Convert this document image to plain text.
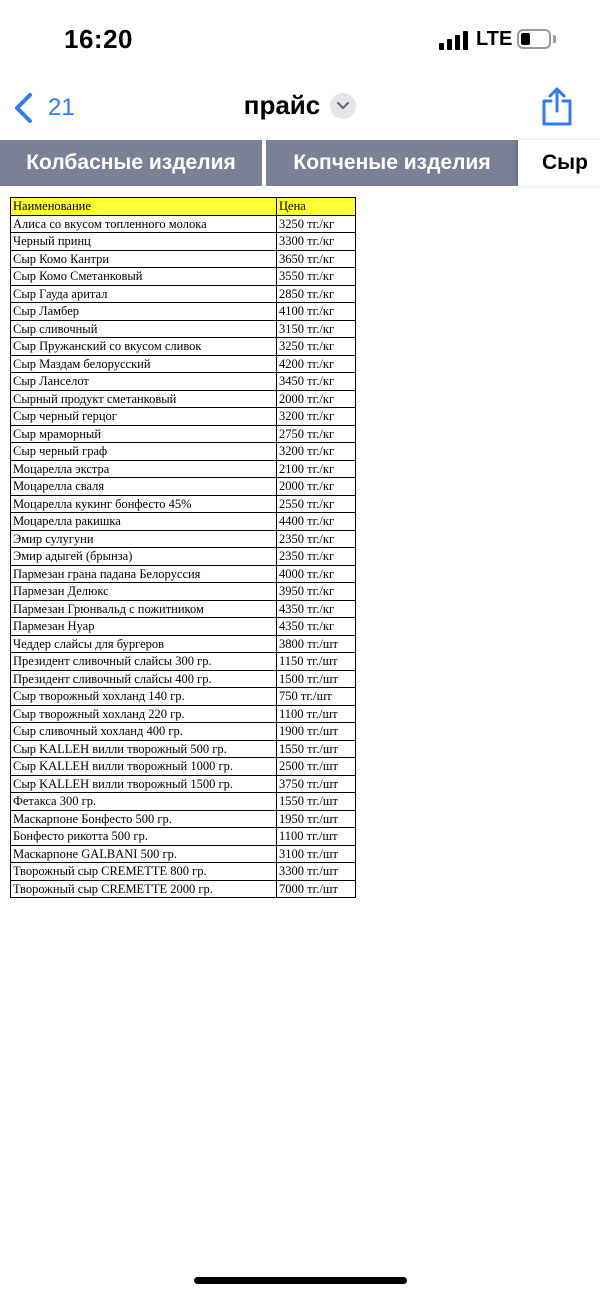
16:20	LTE
21	прайс
Колбасные изделия	Копченые изделия	Сыр
Наименование	Цена
Алиса со вкусом топленного молока	3250 тг./кг
Черный принц	3300 тг./кг
Сыр Комо Кантри	3650 тг./кг
Сыр Комо Сметанковый	3550 тг./кг
Сыр Гауда аритал	2850 тг./кг
Сыр Ламбер	4100 тг./кг
Сыр сливочный	3150 тг./кг
Сыр Пружанский со вкусом сливок	3250 тг./кг
Сыр Маздам белорусский	4200 тг./кг
Сыр Ланселот	3450 тг./кг
Сырный продукт сметанковый	2000 тг./кг
Сыр черный герцог	3200 тг./кг
Сыр мраморный	2750 тг./кг
Сыр черный граф	3200 тг./кг
Моцарелла экстра	2100 тг./кг
Моцарелла сваля	2000 тг./кг
Моцарелла кукинг бонфесто 45%	2550 тг./кг
Моцарелла ракишка	4400 тг./кг
Эмир сулугуни	2350 тг./кг
Эмир адыгей (брынза)	2350 тг./кг
Пармезан грана падана Белоруссия	4000 тг./кг
Пармезан Делюкс	3950 тг./кг
Пармезан Грюнвальд с пожитником	4350 тг./кг
Пармезан Нуар	4350 тг./кг
Чеддер слайсы для бургеров	3800 тг./шт
Президент сливочный слайсы 300 гр.	1150 тг./шт
Президент сливочный слайсы 400 гр.	1500 тг./шт
Сыр творожный хохланд 140 гр.	750 тг./шт
Сыр творожный хохланд 220 гр.	1100 тг./шт
Сыр сливочный хохланд 400 гр.	1900 тг./шт
Сыр KALLEH вилли творожный 500 гр.	1550 тг./шт
Сыр KALLEH вилли творожный 1000 гр.	2500 тг./шт
Сыр KALLEH вилли творожный 1500 гр.	3750 тг./шт
Фетакса 300 гр.	1550 тг./шт
Маскарпоне Бонфесто 500 гр.	1950 тг./шт
Бонфесто рикотта 500 гр.	1100 тг./шт
Маскарпоне GALBANI 500 гр.	3100 тг./шт
Творожный сыр CREMETTE 800 гр.	3300 тг./шт
Творожный сыр CREMETTE 2000 гр.	7000 тг./шт
